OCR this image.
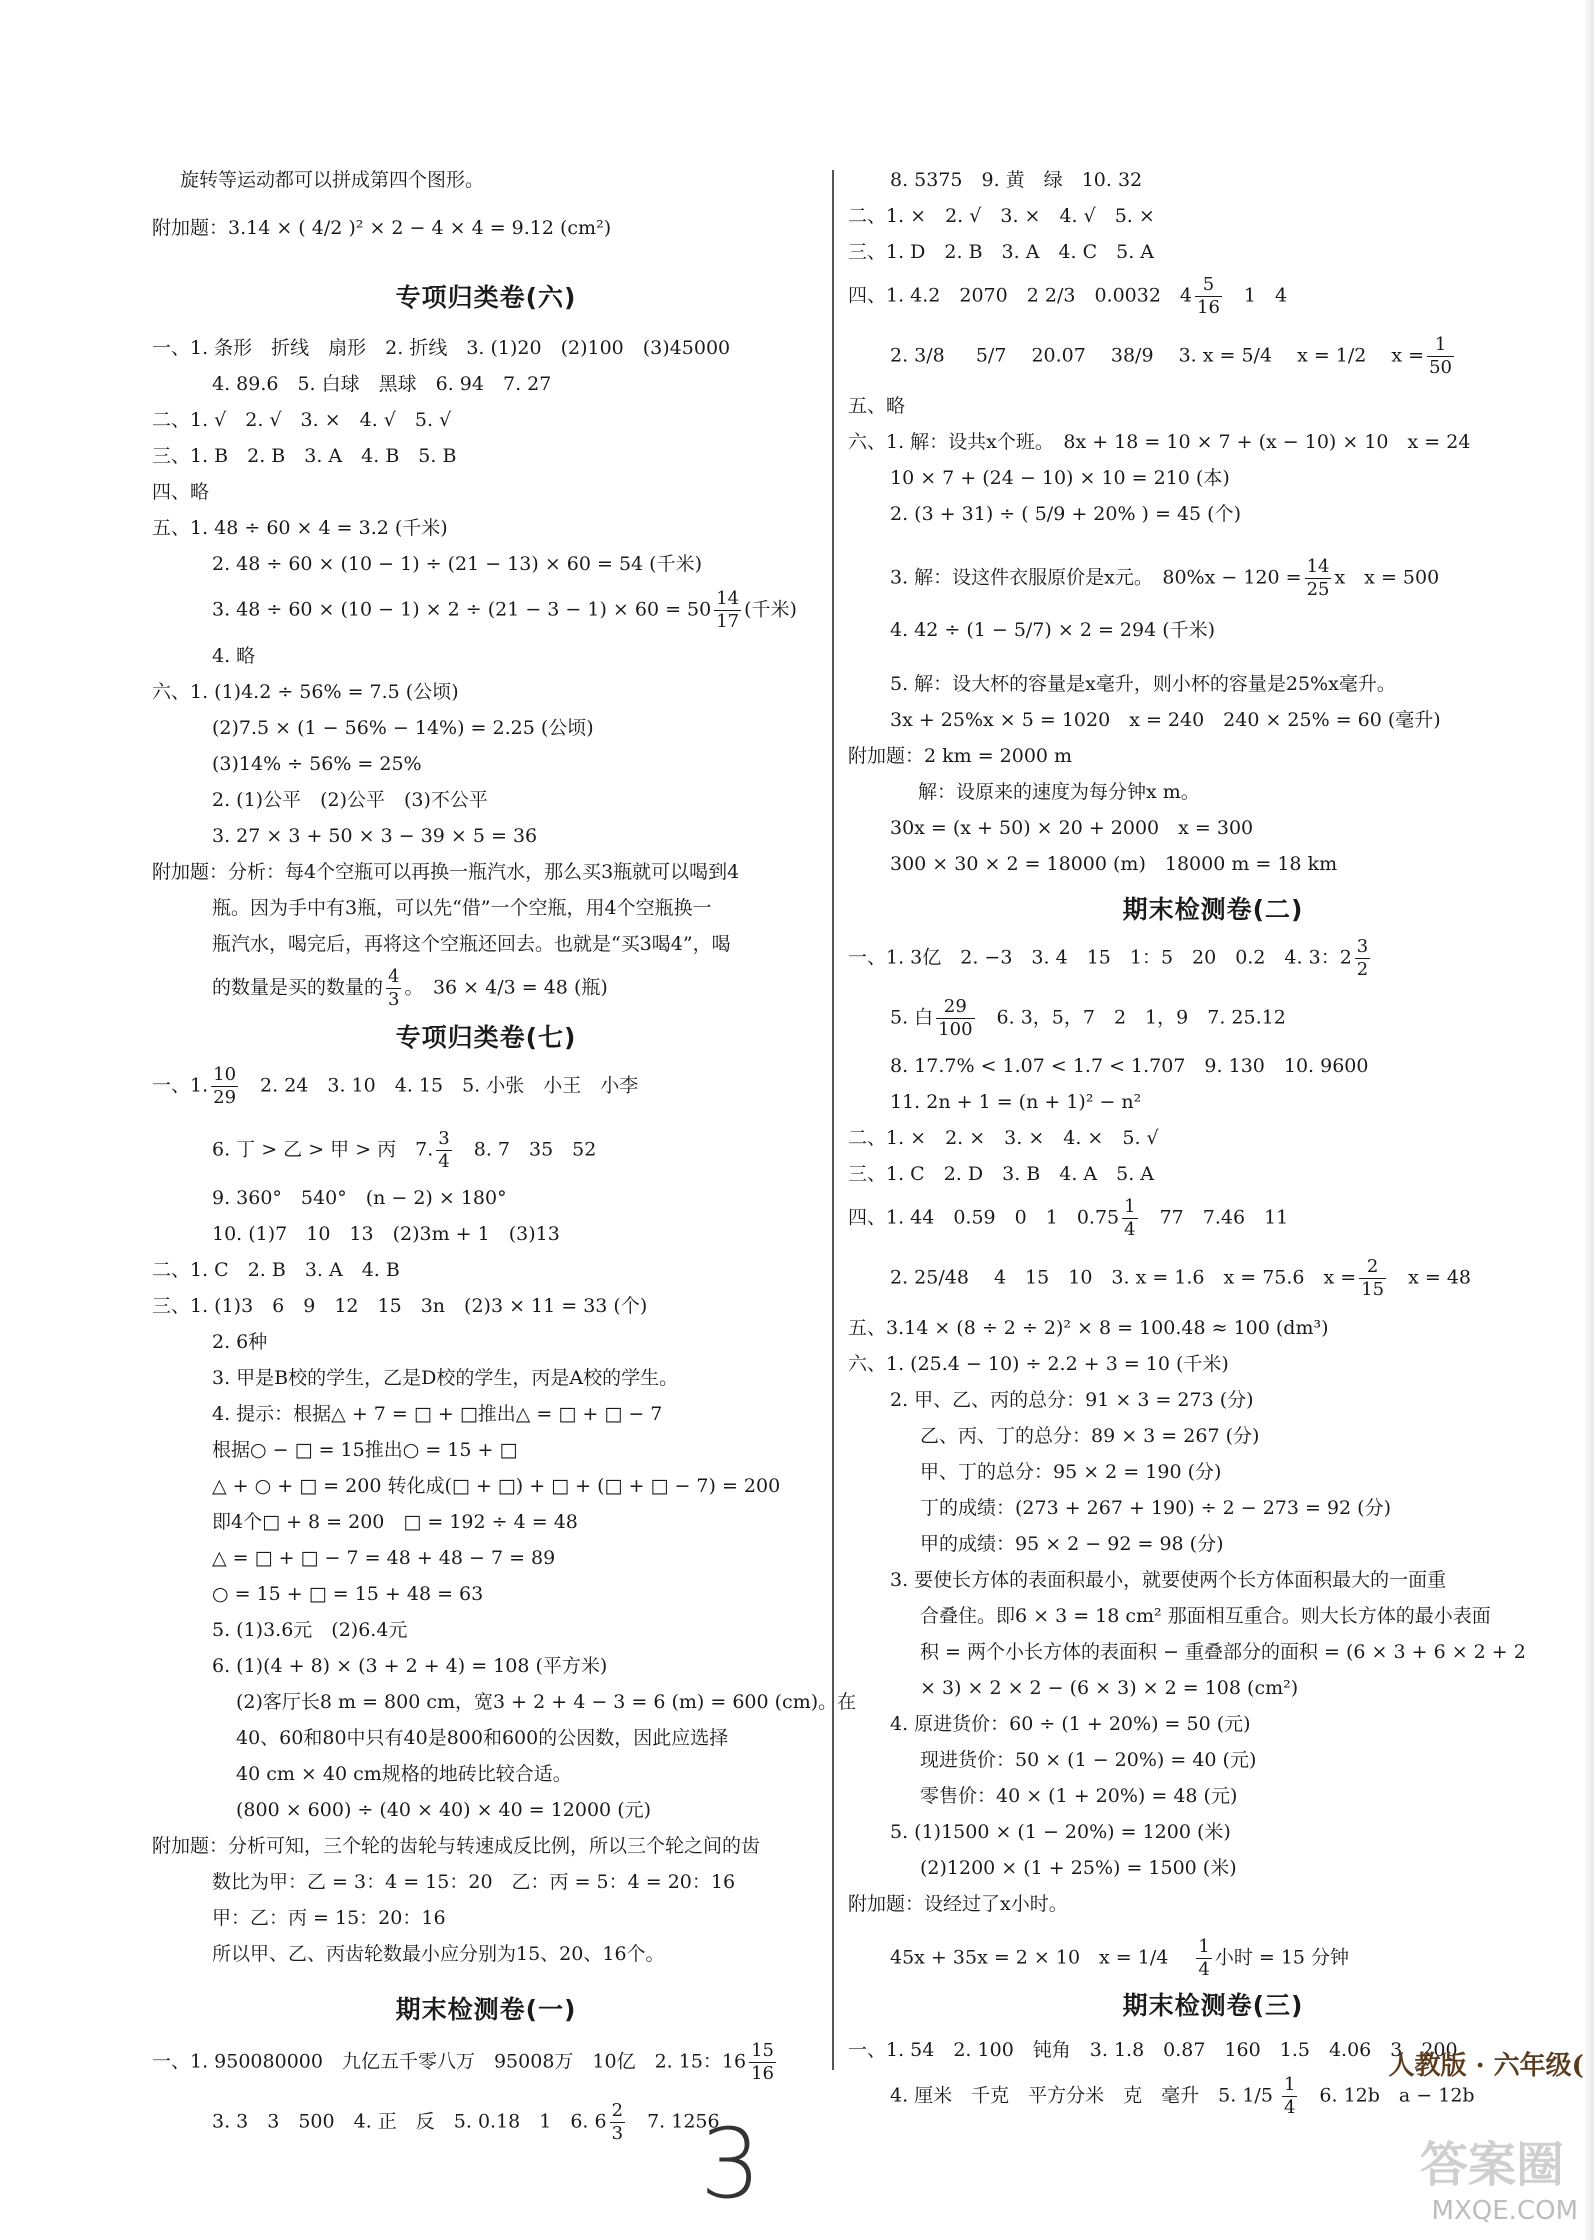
旋转等运动都可以拼成第四个图形。
附加题：3.14 × ( 4/2 )² × 2 − 4 × 4 = 9.12 (cm²)
专项归类卷(六)
一、1. 条形　折线　扇形　2. 折线　3. (1)20　(2)100　(3)45000
4. 89.6　5. 白球　黑球　6. 94　7. 27
二、1. √　2. √　3. ×　4. √　5. √
三、1. B　2. B　3. A　4. B　5. B
四、略
五、1. 48 ÷ 60 × 4 = 3.2 (千米)
2. 48 ÷ 60 × (10 − 1) ÷ (21 − 13) × 60 = 54 (千米)
3. $48 \div 60 \times (10 - 1) \times 2 \div (21 - 3 - 1) \times 60 = 50 \frac{14}{17}$ (千米)
4. 略
六、1. (1)4.2 ÷ 56% = 7.5 (公顷)
(2)7.5 × (1 − 56% − 14%) = 2.25 (公顷)
(3)14% ÷ 56% = 25%
2. (1)公平　(2)公平　(3)不公平
3. 27 × 3 + 50 × 3 − 39 × 5 = 36
附加题：分析：每4个空瓶可以再换一瓶汽水，那么买3瓶就可以喝到4
瓶。因为手中有3瓶，可以先“借”一个空瓶，用4个空瓶换一
瓶汽水，喝完后，再将这个空瓶还回去。也就是“买3喝4”，喝
的数量是买的数量的 $\frac{4}{3}$ 。　36 × 4/3 = 48 (瓶)
专项归类卷(七)
一、1. $\frac{10}{29}$ 　2. 24　3. 10　4. 15　5. 小张　小王　小李
6. 丁 > 乙 > 甲 > 丙　7. $\frac{3}{4}$ 　8. 7　35　52
9. 360°　540°　(n − 2) × 180°
10. (1)7　10　13　(2)3m + 1　(3)13
二、1. C　2. B　3. A　4. B
三、1. (1)3　6　9　12　15　3n　(2)3 × 11 = 33 (个)
2. 6种
3. 甲是B校的学生，乙是D校的学生，丙是A校的学生。
4. 提示：根据△ + 7 = □ + □推出△ = □ + □ − 7
根据○ − □ = 15推出○ = 15 + □
△ + ○ + □ = 200 转化成(□ + □) + □ + (□ + □ − 7) = 200
即4个□ + 8 = 200　□ = 192 ÷ 4 = 48
△ = □ + □ − 7 = 48 + 48 − 7 = 89
○ = 15 + □ = 15 + 48 = 63
5. (1)3.6元　(2)6.4元
6. (1)(4 + 8) × (3 + 2 + 4) = 108 (平方米)
(2)客厅长8 m = 800 cm，宽3 + 2 + 4 − 3 = 6 (m) = 600 (cm)。在
40、60和80中只有40是800和600的公因数，因此应选择
40 cm × 40 cm规格的地砖比较合适。
(800 × 600) ÷ (40 × 40) × 40 = 12000 (元)
附加题：分析可知，三个轮的齿轮与转速成反比例，所以三个轮之间的齿
数比为甲：乙 = 3：4 = 15：20　乙：丙 = 5：4 = 20：16
甲：乙：丙 = 15：20：16
所以甲、乙、丙齿轮数最小应分别为15、20、16个。
期末检测卷(一)
一、1. 950080000　九亿五千零八万　95008万　10亿　2. 15：$16 \frac{15}{16}$
3. 3　3　500　4. 正　反　5. 0.18　1　6. $6 \frac{2}{3}$ 　7. 1256
8. 5375　9. 黄　绿　10. 32
二、1. ×　2. √　3. ×　4. √　5. ×
三、1. D　2. B　3. A　4. C　5. A
四、1. 4.2　2070　2 2/3　0.0032　$4 \frac{5}{16}$ 　1　4
2. 3/8 　 5/7 　20.07　 38/9 　3. x = 5/4 　x = 1/2 　$x = \frac{1}{50}$
五、略
六、1. 解：设共x个班。　8x + 18 = 10 × 7 + (x − 10) × 10　x = 24
10 × 7 + (24 − 10) × 10 = 210 (本)
2. (3 + 31) ÷ ( 5/9 + 20% ) = 45 (个)
3. 解：设这件衣服原价是x元。　$80\%x - 120 = \frac{14}{25}$ x　x = 500
4. 42 ÷ (1 − 5/7) × 2 = 294 (千米)
5. 解：设大杯的容量是x毫升，则小杯的容量是25%x毫升。
3x + 25%x × 5 = 1020　x = 240　240 × 25% = 60 (毫升)
附加题：2 km = 2000 m
解：设原来的速度为每分钟x m。
30x = (x + 50) × 20 + 2000　x = 300
300 × 30 × 2 = 18000 (m)　18000 m = 18 km
期末检测卷(二)
一、1. 3亿　2. −3　3. 4　15　1：5　20　0.2　4. 3：$2 \frac{3}{2}$
5. 白 $\frac{29}{100}$ 　6. 3，5，7　2　1，9　7. 25.12
8. 17.7% < 1.07 < 1.7 < 1.707　9. 130　10. 9600
11. 2n + 1 = (n + 1)² − n²
二、1. ×　2. ×　3. ×　4. ×　5. √
三、1. C　2. D　3. B　4. A　5. A
四、1. 44　0.59　0　1　$0.75 \frac{1}{4}$ 　77　7.46　11
2. 25/48 　4　15　10　3. x = 1.6　x = 75.6　$x = \frac{2}{15}$ 　x = 48
五、3.14 × (8 ÷ 2 ÷ 2)² × 8 = 100.48 ≈ 100 (dm³)
六、1. (25.4 − 10) ÷ 2.2 + 3 = 10 (千米)
2. 甲、乙、丙的总分：91 × 3 = 273 (分)
乙、丙、丁的总分：89 × 3 = 267 (分)
甲、丁的总分：95 × 2 = 190 (分)
丁的成绩：(273 + 267 + 190) ÷ 2 − 273 = 92 (分)
甲的成绩：95 × 2 − 92 = 98 (分)
3. 要使长方体的表面积最小，就要使两个长方体面积最大的一面重
合叠住。即6 × 3 = 18 cm² 那面相互重合。则大长方体的最小表面
积 = 两个小长方体的表面积 − 重叠部分的面积 = (6 × 3 + 6 × 2 + 2
× 3) × 2 × 2 − (6 × 3) × 2 = 108 (cm²)
4. 原进货价：60 ÷ (1 + 20%) = 50 (元)
现进货价：50 × (1 − 20%) = 40 (元)
零售价：40 × (1 + 20%) = 48 (元)
5. (1)1500 × (1 − 20%) = 1200 (米)
(2)1200 × (1 + 25%) = 1500 (米)
附加题：设经过了x小时。
45x + 35x = 2 × 10　x = 1/4 　 $\frac{1}{4}$ 小时 = 15 分钟
期末检测卷(三)
一、1. 54　2. 100　钝角　3. 1.8　0.87　160　1.5　4.06　3　200
4. 厘米　千克　平方分米　克　毫升　5. $1/5 \frac{1}{4}$ 　6. 12b　a − 12b
人教版 · 六年级(
3	答案圈
MXQE.COM
